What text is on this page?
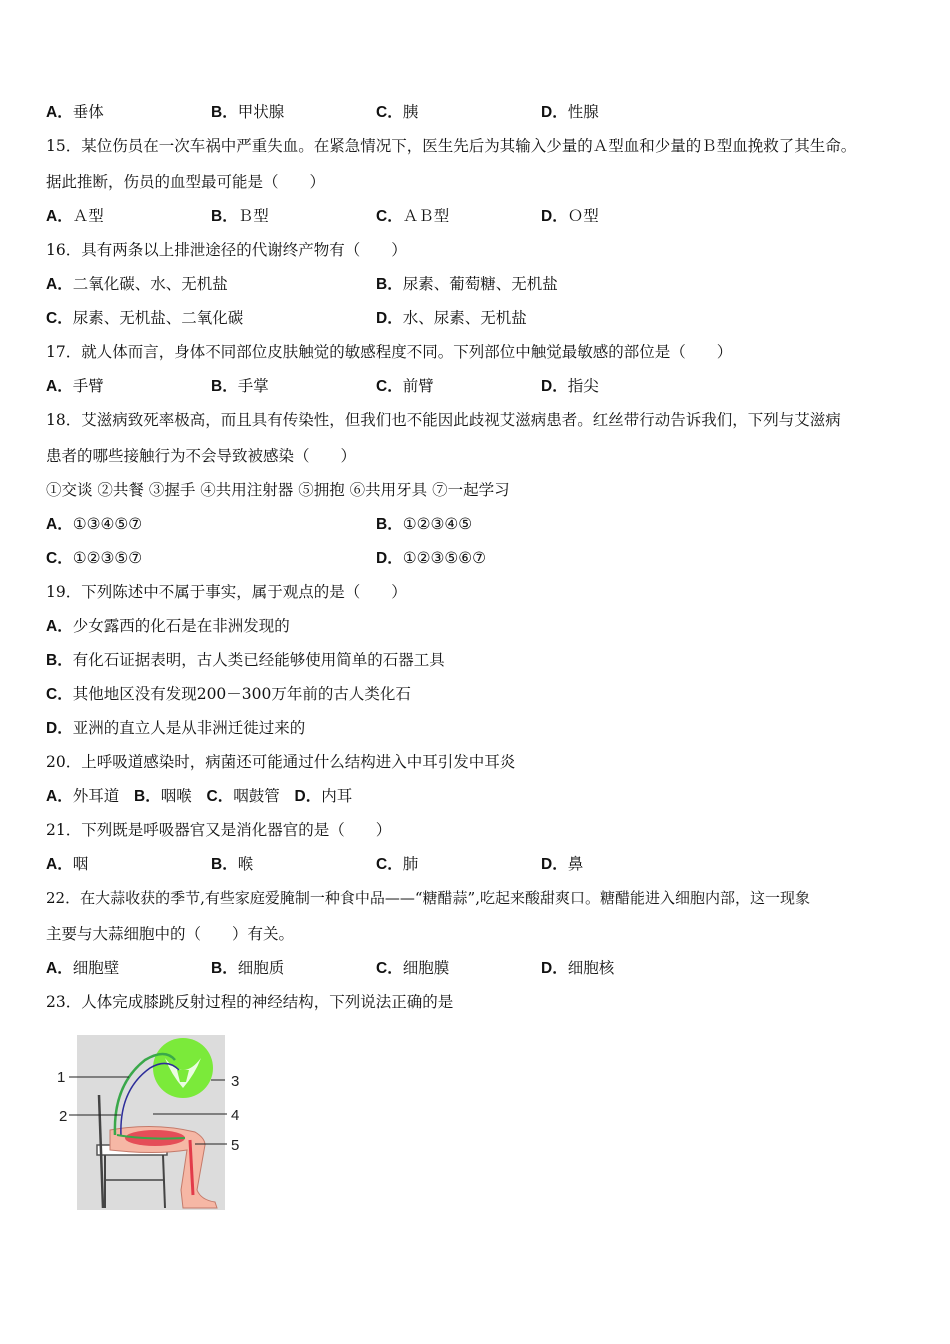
A．垂体	B．甲状腺	C．胰	D．性腺
15．某位伤员在一次车祸中严重失血。在紧急情况下，医生先后为其输入少量的Ａ型血和少量的Ｂ型血挽救了其生命。
据此推断，伤员的血型最可能是（　　）
A．Ａ型	B．Ｂ型	C．ＡＢ型	D．Ｏ型
16．具有两条以上排泄途径的代谢终产物有（　　）
A．二氧化碳、水、无机盐	B．尿素、葡萄糖、无机盐
C．尿素、无机盐、二氧化碳	D．水、尿素、无机盐
17．就人体而言，身体不同部位皮肤触觉的敏感程度不同。下列部位中触觉最敏感的部位是（　　）
A．手臂	B．手掌	C．前臂	D．指尖
18．艾滋病致死率极高，而且具有传染性，但我们也不能因此歧视艾滋病患者。红丝带行动告诉我们，下列与艾滋病
患者的哪些接触行为不会导致被感染（　　）
①交谈 ②共餐 ③握手 ④共用注射器 ⑤拥抱 ⑥共用牙具 ⑦一起学习
A．①③④⑤⑦	B．①②③④⑤
C．①②③⑤⑦	D．①②③⑤⑥⑦
19．下列陈述中不属于事实，属于观点的是（　　）
A．少女露西的化石是在非洲发现的
B．有化石证据表明，古人类已经能够使用简单的石器工具
C．其他地区没有发现200－300万年前的古人类化石
D．亚洲的直立人是从非洲迁徙过来的
20．上呼吸道感染时，病菌还可能通过什么结构进入中耳引发中耳炎
A．外耳道 B．咽喉 C．咽鼓管 D．内耳
21．下列既是呼吸器官又是消化器官的是（　　）
A．咽	B．喉	C．肺	D．鼻
22．在大蒜收获的季节,有些家庭爱腌制一种食中品——“糖醋蒜”,吃起来酸甜爽口。糖醋能进入细胞内部，这一现象
主要与大蒜细胞中的（　　）有关。
A．细胞壁	B．细胞质	C．细胞膜	D．细胞核
23．人体完成膝跳反射过程的神经结构，下列说法正确的是
1
2
3
4
5
